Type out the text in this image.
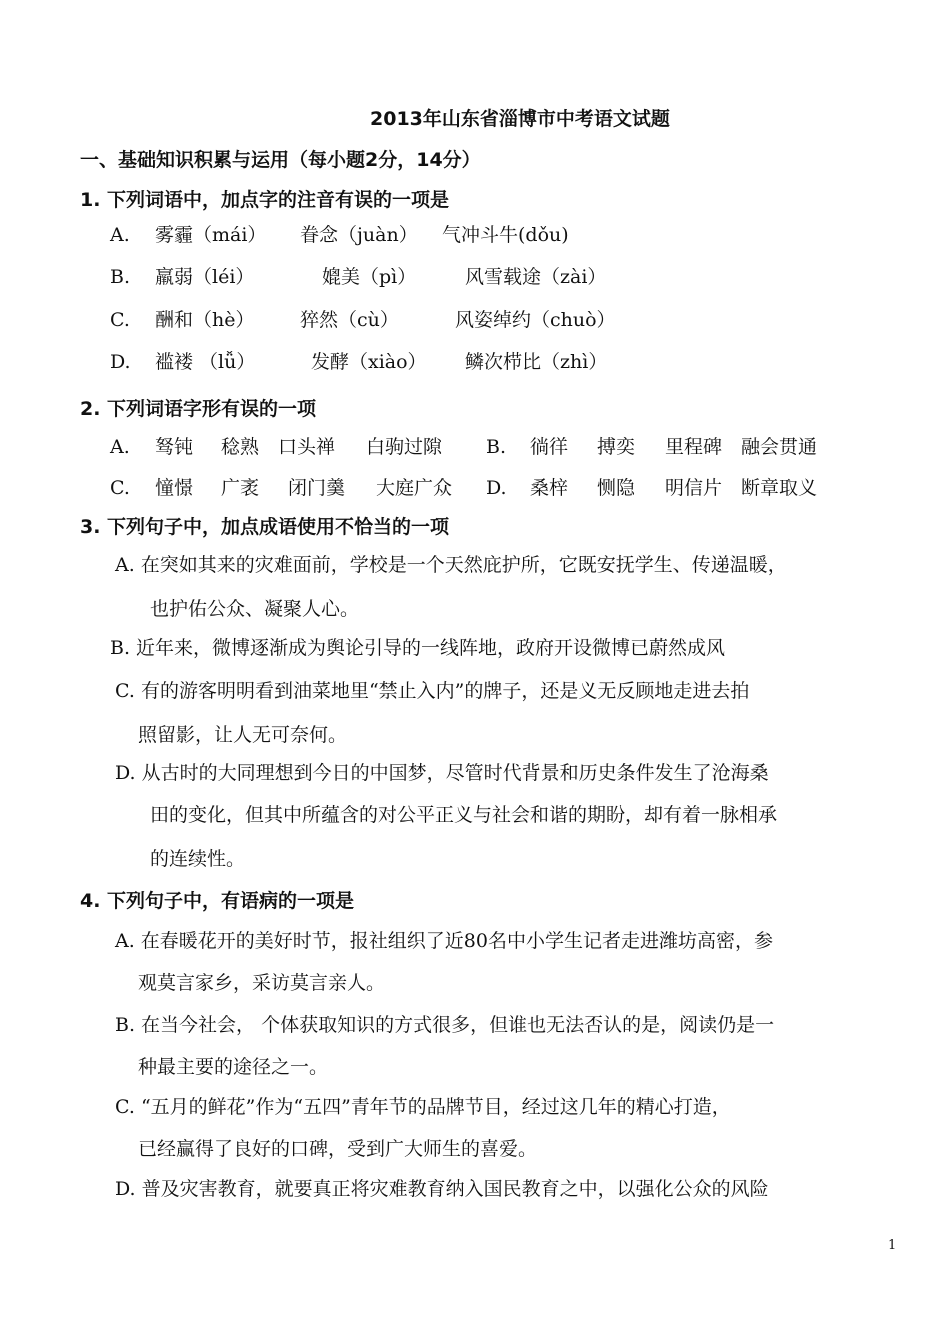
2013年山东省淄博市中考语文试题
一、基础知识积累与运用（每小题2分，14分）
1. 下列词语中，加点字的注音有误的一项是
A. 雾霾（mái） 眷念（juàn） 气冲斗牛(dǒu)
B. 羸弱（léi）	媲美（pì）	风雪载途（zài）
C. 酬和（hè） 猝然（cù）	风姿绰约（chuò）
D. 褴褛 （lǚ）	发酵（xiào） 鳞次栉比（zhì）
2. 下列词语字形有误的一项
A. 驽钝 稔熟 口头禅 白驹过隙 B. 徜徉 搏奕 里程碑 融会贯通
C. 憧憬 广袤 闭门羹 大庭广众 D. 桑梓 恻隐 明信片 断章取义
3. 下列句子中，加点成语使用不恰当的一项
A. 在突如其来的灾难面前，学校是一个天然庇护所，它既安抚学生、传递温暖，
也护佑公众、凝聚人心。
B. 近年来，微博逐渐成为舆论引导的一线阵地，政府开设微博已蔚然成风
C. 有的游客明明看到油菜地里“禁止入内”的牌子，还是义无反顾地走进去拍
照留影，让人无可奈何。
D. 从古时的大同理想到今日的中国梦，尽管时代背景和历史条件发生了沧海桑
田的变化，但其中所蕴含的对公平正义与社会和谐的期盼，却有着一脉相承
的连续性。
4. 下列句子中，有语病的一项是
A. 在春暖花开的美好时节，报社组织了近80名中小学生记者走进潍坊高密，参
观莫言家乡，采访莫言亲人。
B. 在当今社会， 个体获取知识的方式很多，但谁也无法否认的是，阅读仍是一
种最主要的途径之一。
C. “五月的鲜花”作为“五四”青年节的品牌节目，经过这几年的精心打造，
已经赢得了良好的口碑，受到广大师生的喜爱。
D. 普及灾害教育，就要真正将灾难教育纳入国民教育之中，以强化公众的风险
1
